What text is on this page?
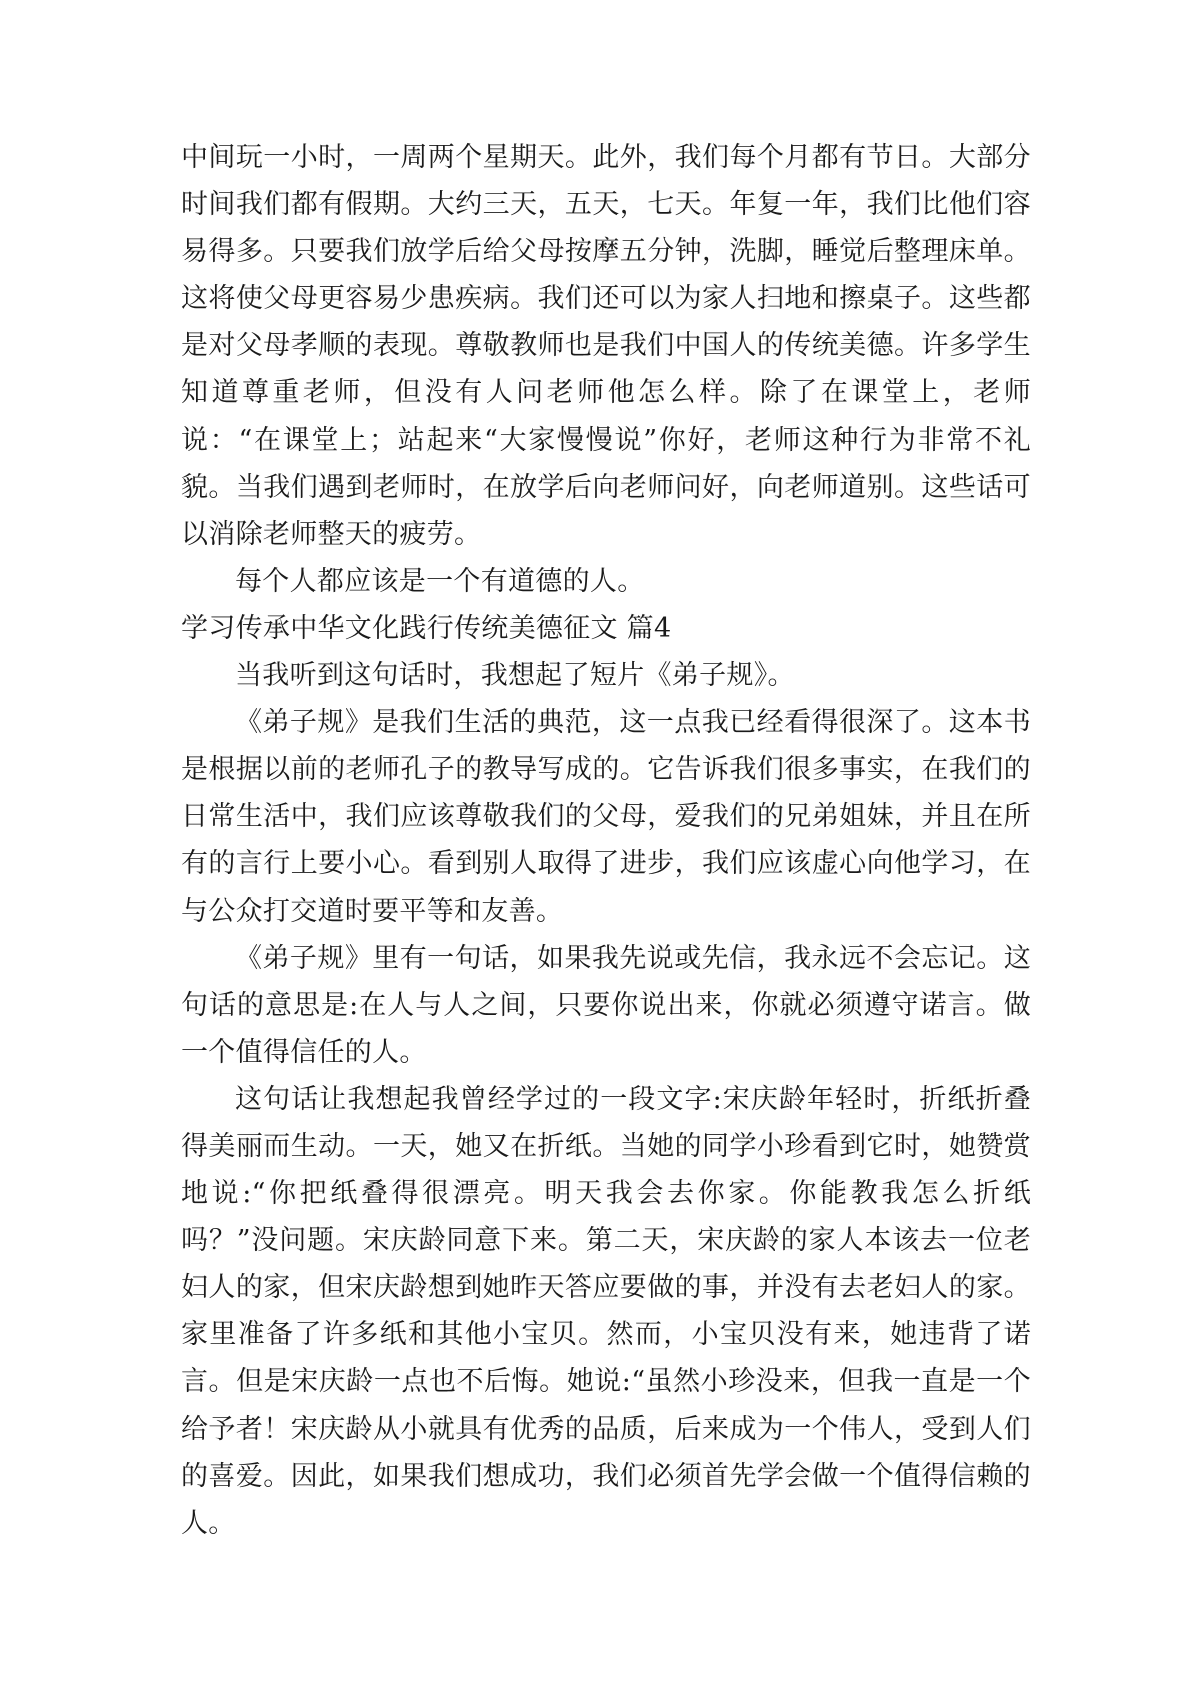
中间玩一小时，一周两个星期天。此外，我们每个月都有节日。大部分时间我们都有假期。大约三天，五天，七天。年复一年，我们比他们容易得多。只要我们放学后给父母按摩五分钟，洗脚，睡觉后整理床单。这将使父母更容易少患疾病。我们还可以为家人扫地和擦桌子。这些都是对父母孝顺的表现。尊敬教师也是我们中国人的传统美德。许多学生知道尊重老师，但没有人问老师他怎么样。除了在课堂上，老师说：“在课堂上；站起来“大家慢慢说”你好，老师这种行为非常不礼貌。当我们遇到老师时，在放学后向老师问好，向老师道别。这些话可以消除老师整天的疲劳。

每个人都应该是一个有道德的人。

学习传承中华文化践行传统美德征文 篇4

当我听到这句话时，我想起了短片《弟子规》。

《弟子规》是我们生活的典范，这一点我已经看得很深了。这本书是根据以前的老师孔子的教导写成的。它告诉我们很多事实，在我们的日常生活中，我们应该尊敬我们的父母，爱我们的兄弟姐妹，并且在所有的言行上要小心。看到别人取得了进步，我们应该虚心向他学习，在与公众打交道时要平等和友善。

《弟子规》里有一句话，如果我先说或先信，我永远不会忘记。这句话的意思是:在人与人之间，只要你说出来，你就必须遵守诺言。做一个值得信任的人。

这句话让我想起我曾经学过的一段文字:宋庆龄年轻时，折纸折叠得美丽而生动。一天，她又在折纸。当她的同学小珍看到它时，她赞赏地说:“你把纸叠得很漂亮。明天我会去你家。你能教我怎么折纸吗？”没问题。宋庆龄同意下来。第二天，宋庆龄的家人本该去一位老妇人的家，但宋庆龄想到她昨天答应要做的事，并没有去老妇人的家。家里准备了许多纸和其他小宝贝。然而，小宝贝没有来，她违背了诺言。但是宋庆龄一点也不后悔。她说:“虽然小珍没来，但我一直是一个给予者！宋庆龄从小就具有优秀的品质，后来成为一个伟人，受到人们的喜爱。因此，如果我们想成功，我们必须首先学会做一个值得信赖的人。
